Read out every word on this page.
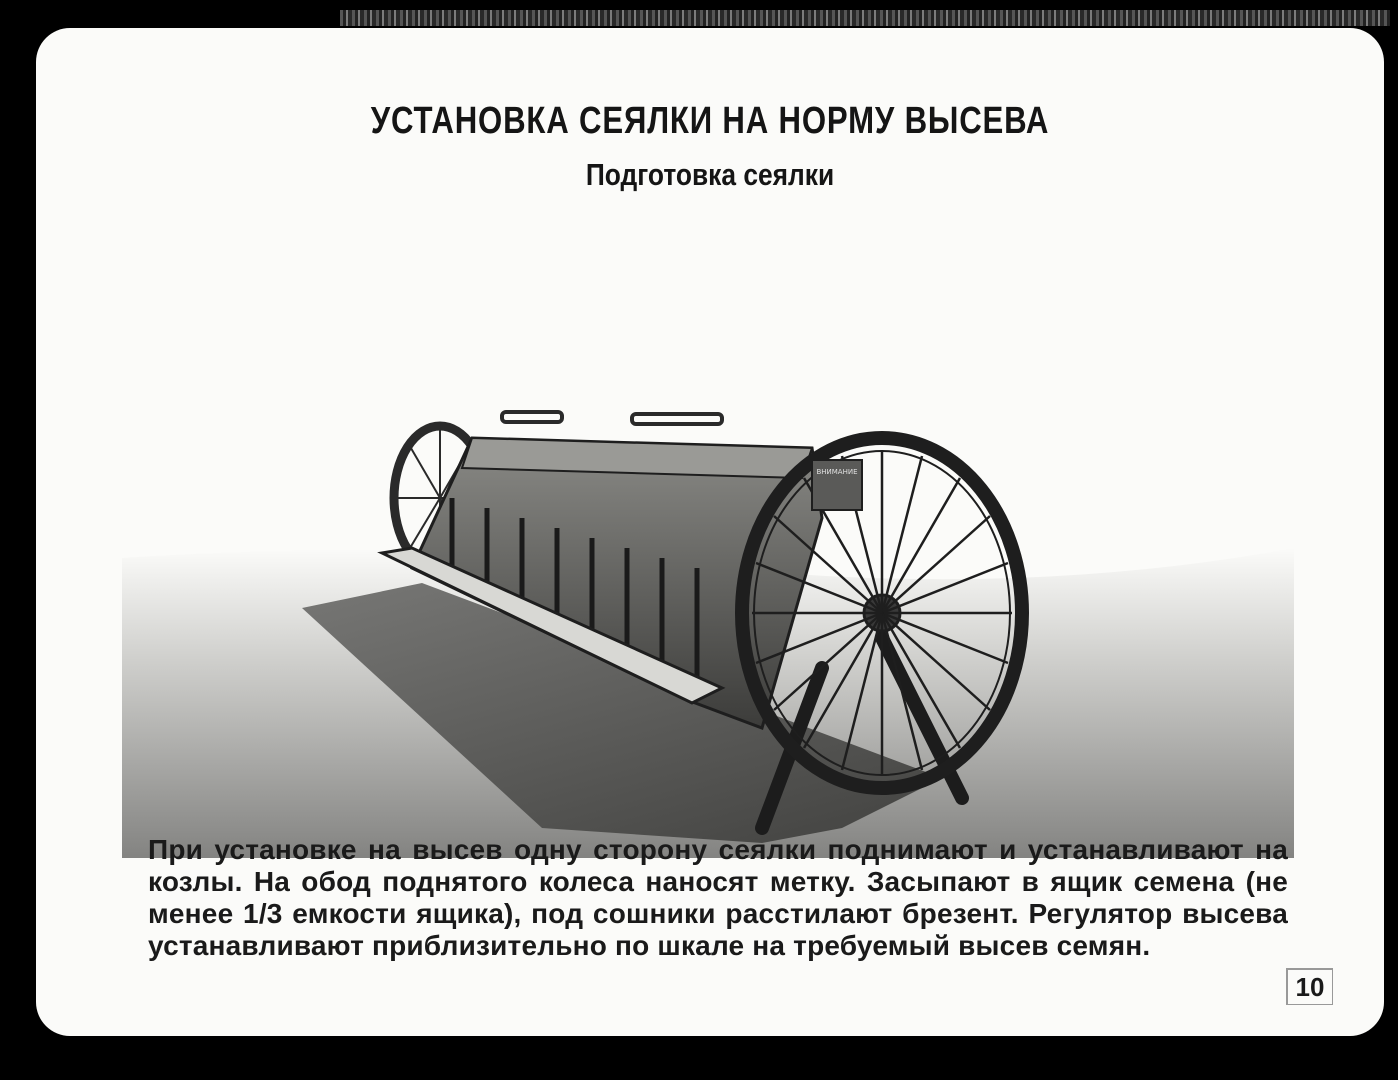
УСТАНОВКА СЕЯЛКИ НА НОРМУ ВЫСЕВА
Подготовка сеялки
ВНИМАНИЕ
При установке на высев одну сторону сеялки поднимают и устанавливают на козлы. На обод поднятого колеса наносят метку. Засыпают в ящик семена (не менее 1/3 емкости ящика), под сошники расстилают брезент. Регулятор высева устанавливают приблизительно по шкале на требуемый высев семян.
10
